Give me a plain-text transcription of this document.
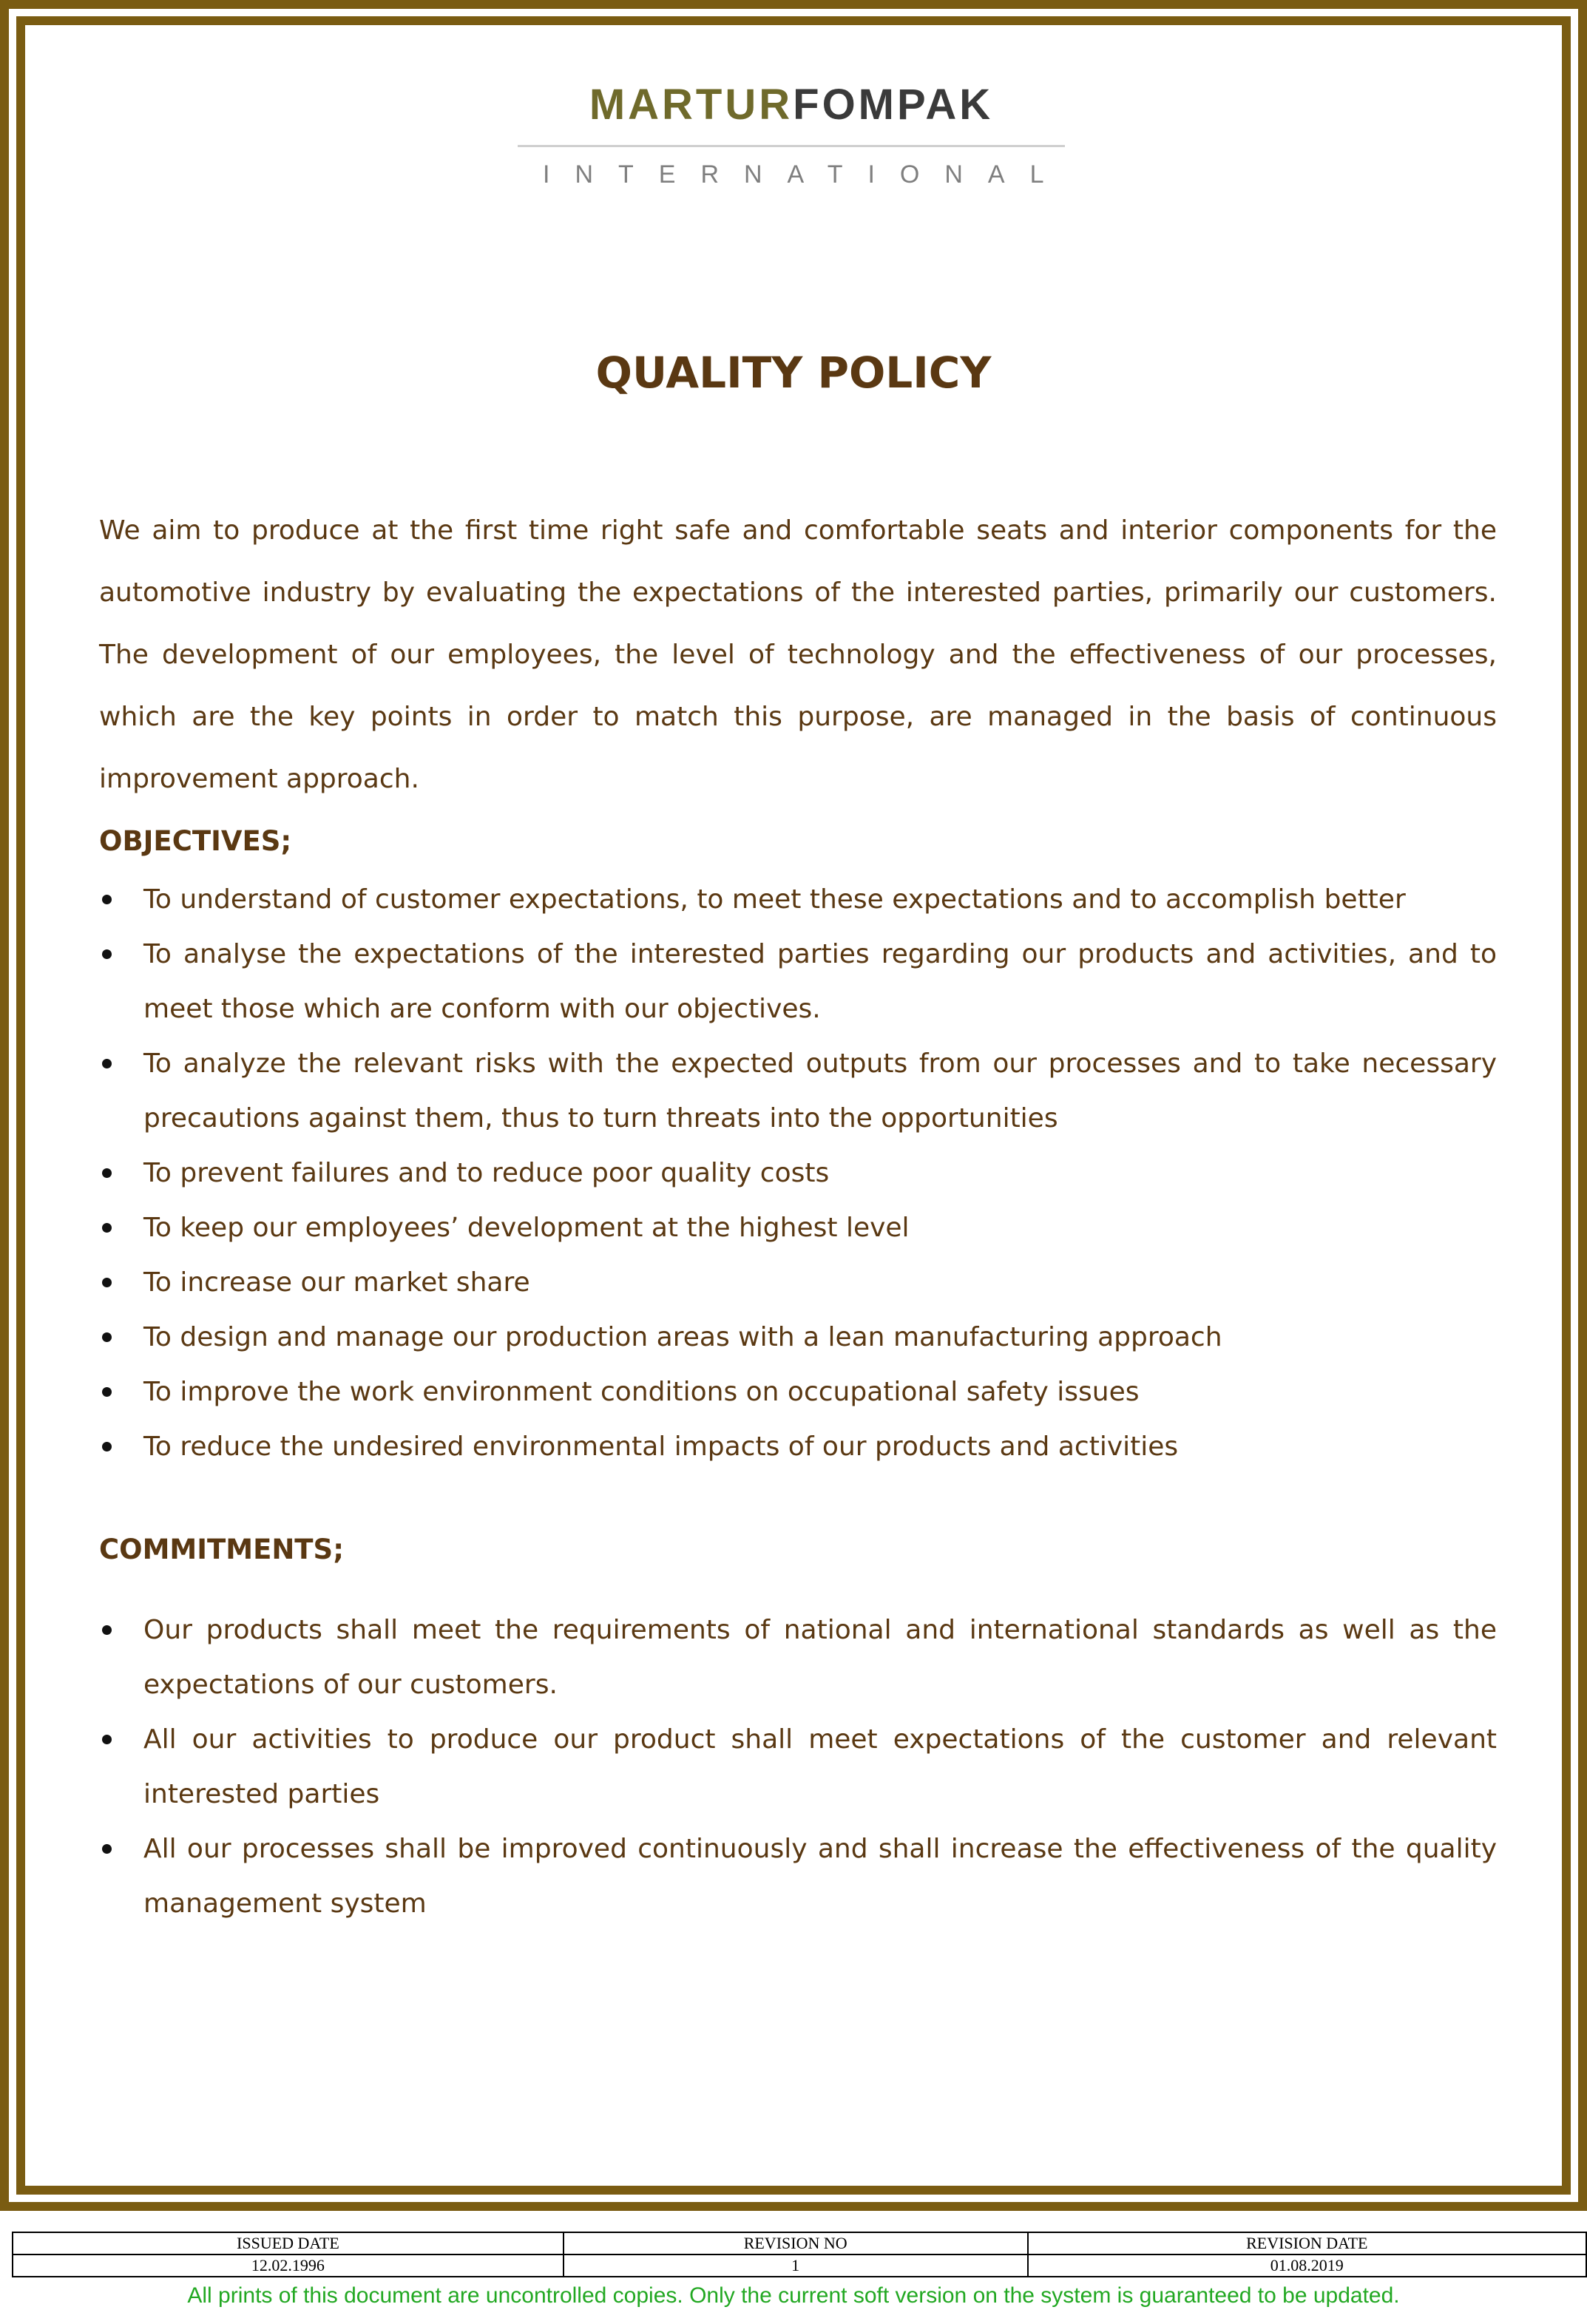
MARTURFOMPAK
INTERNATIONAL
QUALITY POLICY

We aim to produce at the first time right safe and comfortable seats and interior components for the automotive industry by evaluating the expectations of the interested parties, primarily our customers. The development of our employees, the level of technology and the effectiveness of our processes, which are the key points in order to match this purpose, are managed in the basis of continuous improvement approach.

OBJECTIVES;

To understand of customer expectations, to meet these expectations and to accomplish better
To analyse the expectations of the interested parties regarding our products and activities, and to meet those which are conform with our objectives.
To analyze the relevant risks with the expected outputs from our processes and to take necessary precautions against them, thus to turn threats into the opportunities
To prevent failures and to reduce poor quality costs
To keep our employees’ development at the highest level
To increase our market share
To design and manage our production areas with a lean manufacturing approach
To improve the work environment conditions on occupational safety issues
To reduce the undesired environmental impacts of our products and activities

COMMITMENTS;

Our products shall meet the requirements of national and international standards as well as the expectations of our customers.
All our activities to produce our product shall meet expectations of the customer and relevant interested parties
All our processes shall be improved continuously and shall increase the effectiveness of the quality management system
ISSUED DATE	REVISION NO	REVISION DATE
12.02.1996	1	01.08.2019
All prints of this document are uncontrolled copies. Only the current soft version on the system is guaranteed to be updated.
